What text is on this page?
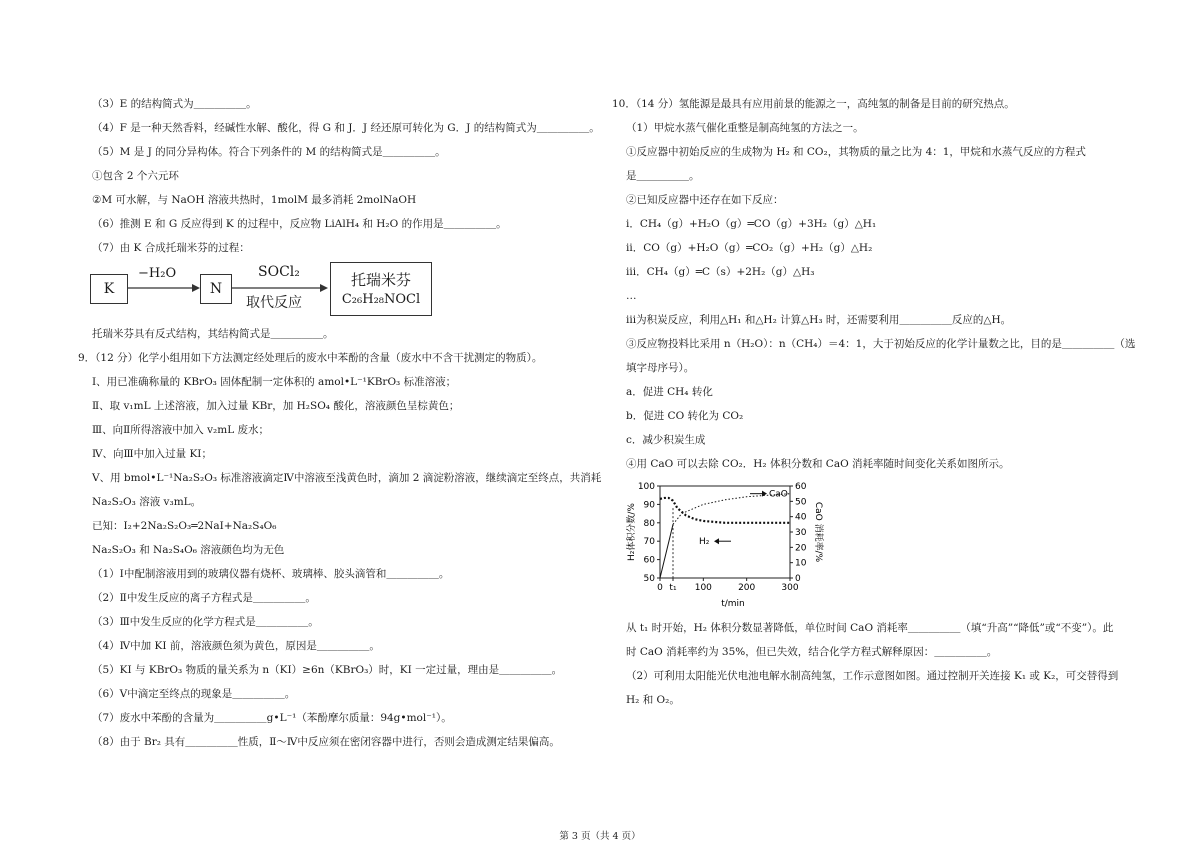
（3）E 的结构简式为＿＿＿＿＿。
（4）F 是一种天然香料，经碱性水解、酸化，得 G 和 J．J 经还原可转化为 G．J 的结构简式为＿＿＿＿＿。
（5）M 是 J 的同分异构体。符合下列条件的 M 的结构简式是＿＿＿＿＿。
①包含 2 个六元环
②M 可水解，与 NaOH 溶液共热时，1molM 最多消耗 2molNaOH
（6）推测 E 和 G 反应得到 K 的过程中，反应物 LiAlH₄ 和 H₂O 的作用是＿＿＿＿＿。
（7）由 K 合成托瑞米芬的过程：
K
−H₂O
N
SOCl₂
取代反应
托瑞米芬
C₂₆H₂₈NOCl
托瑞米芬具有反式结构，其结构简式是＿＿＿＿＿。
9．（12 分）化学小组用如下方法测定经处理后的废水中苯酚的含量（废水中不含干扰测定的物质）。
Ⅰ、用已准确称量的 KBrO₃ 固体配制一定体积的 amol•L⁻¹KBrO₃ 标准溶液；
Ⅱ、取 v₁mL 上述溶液，加入过量 KBr，加 H₂SO₄ 酸化，溶液颜色呈棕黄色；
Ⅲ、向Ⅱ所得溶液中加入 v₂mL 废水；
Ⅳ、向Ⅲ中加入过量 KI；
Ⅴ、用 bmol•L⁻¹Na₂S₂O₃ 标准溶液滴定Ⅳ中溶液至浅黄色时，滴加 2 滴淀粉溶液，继续滴定至终点，共消耗
Na₂S₂O₃ 溶液 v₃mL。
已知：I₂+2Na₂S₂O₃═2NaI+Na₂S₄O₆
Na₂S₂O₃ 和 Na₂S₄O₆ 溶液颜色均为无色
（1）Ⅰ中配制溶液用到的玻璃仪器有烧杯、玻璃棒、胶头滴管和＿＿＿＿＿。
（2）Ⅱ中发生反应的离子方程式是＿＿＿＿＿。
（3）Ⅲ中发生反应的化学方程式是＿＿＿＿＿。
（4）Ⅳ中加 KI 前，溶液颜色须为黄色，原因是＿＿＿＿＿。
（5）KI 与 KBrO₃ 物质的量关系为 n（KI）≥6n（KBrO₃）时，KI 一定过量，理由是＿＿＿＿＿。
（6）Ⅴ中滴定至终点的现象是＿＿＿＿＿。
（7）废水中苯酚的含量为＿＿＿＿＿g•L⁻¹（苯酚摩尔质量：94g•mol⁻¹）。
（8）由于 Br₂ 具有＿＿＿＿＿性质，Ⅱ～Ⅳ中反应须在密闭容器中进行，否则会造成测定结果偏高。
10．（14 分）氢能源是最具有应用前景的能源之一，高纯氢的制备是目前的研究热点。
（1）甲烷水蒸气催化重整是制高纯氢的方法之一。
①反应器中初始反应的生成物为 H₂ 和 CO₂，其物质的量之比为 4：1，甲烷和水蒸气反应的方程式
是＿＿＿＿＿。
②已知反应器中还存在如下反应：
ⅰ．CH₄（g）+H₂O（g）═CO（g）+3H₂（g）△H₁
ⅱ．CO（g）+H₂O（g）═CO₂（g）+H₂（g）△H₂
ⅲ．CH₄（g）═C（s）+2H₂（g）△H₃
…
ⅲ为积炭反应，利用△H₁ 和△H₂ 计算△H₃ 时，还需要利用＿＿＿＿＿反应的△H。
③反应物投料比采用 n（H₂O）：n（CH₄）＝4：1，大于初始反应的化学计量数之比，目的是＿＿＿＿＿（选
填字母序号）。
a．促进 CH₄ 转化
b．促进 CO 转化为 CO₂
c．减少积炭生成
④用 CaO 可以去除 CO₂．H₂ 体积分数和 CaO 消耗率随时间变化关系如图所示。
50
60
70
80
90
100
0
10
20
30
40
50
60
0 t₁ 100	200	300
t/min
H₂体积分数/%	CaO 消耗率/%
CaO
H₂
从 t₁ 时开始，H₂ 体积分数显著降低，单位时间 CaO 消耗率＿＿＿＿＿（填“升高”“降低”或“不变”）。此
时 CaO 消耗率约为 35%，但已失效，结合化学方程式解释原因：＿＿＿＿＿。
（2）可利用太阳能光伏电池电解水制高纯氢，工作示意图如图。通过控制开关连接 K₁ 或 K₂，可交替得到
H₂ 和 O₂。
第 3 页（共 4 页）
